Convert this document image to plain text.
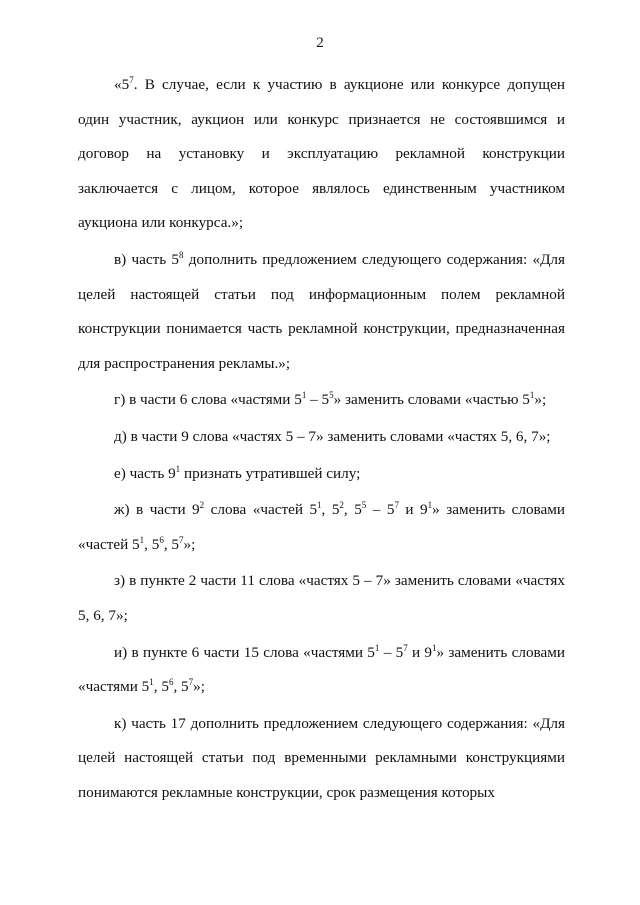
2

«$5^7$. В случае, если к участию в аукционе или конкурсе допущен один участник, аукцион или конкурс признается не состоявшимся и договор на установку и эксплуатацию рекламной конструкции заключается с лицом, которое являлось единственным участником аукциона или конкурса.»;

в) часть $5^8$ дополнить предложением следующего содержания: «Для целей настоящей статьи под информационным полем рекламной конструкции понимается часть рекламной конструкции, предназначенная для распространения рекламы.»;

г) в части 6 слова «частями $5^1 - 5^5$» заменить словами «частью $5^1$»;

д) в части 9 слова «частях 5 – 7» заменить словами «частях 5, 6, 7»;

е) часть $9^1$ признать утратившей силу;

ж) в части $9^2$ слова «частей $5^1$, $5^2$, $5^5 - 5^7$ и $9^1$» заменить словами «частей $5^1$, $5^6$, $5^7$»;

з) в пункте 2 части 11 слова «частях 5 – 7» заменить словами «частях 5, 6, 7»;

и) в пункте 6 части 15 слова «частями $5^1 - 5^7$ и $9^1$» заменить словами «частями $5^1$, $5^6$, $5^7$»;

к) часть 17 дополнить предложением следующего содержания: «Для целей настоящей статьи под временными рекламными конструкциями понимаются рекламные конструкции, срок размещения которых
